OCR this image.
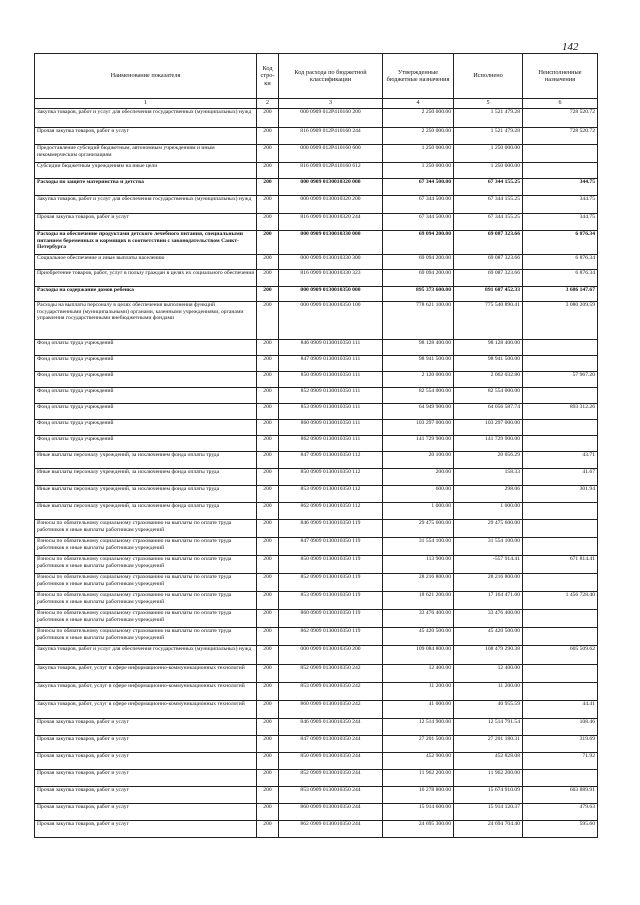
142
Наименование показателя	Код стро- ки	Код расхода по бюджетной классификации	Утвержденные бюджетные назначения	Исполнено	Неисполненные назначения
1	2	3	4	5	6
Закупка товаров, работ и услуг для обеспечения государственных (муниципальных) нужд	200	000 0909 012Р410160 200	2 250 000.00	1 521 479.28	728 520.72
Прочая закупка товаров, работ и услуг	200	816 0909 012Р410160 244	2 250 000.00	1 521 479.28	728 520.72
Предоставление субсидий бюджетным, автономным учреждениям и иным некоммерческим организациям	200	000 0909 012Р410160 600	1 250 000.00	1 250 000.00	
Субсидии бюджетным учреждениям на иные цели	200	816 0909 012Р410160 612	1 250 000.00	1 250 000.00	
Расходы по защите материнства и детства	200	000 0909 0130010320 000	67 344 500.00	67 344 155.25	344.75
Закупка товаров, работ и услуг для обеспечения государственных (муниципальных) нужд	200	000 0909 0130010320 200	67 344 500.00	67 344 155.25	344.75
Прочая закупка товаров, работ и услуг	200	816 0909 0130010320 244	67 344 500.00	67 344 155.25	344.75
Расходы на обеспечение продуктами детского лечебного питания, специальными питанием беременных и кормящих в соответствии с законодательством Санкт-Петербурга	200	000 0909 0130010330 000	69 094 200.00	69 087 323.66	6 876.34
Социальное обеспечение и иные выплаты населению	200	000 0909 0130010330 300	69 094 200.00	69 087 323.66	6 876.34
Приобретение товаров, работ, услуг в пользу граждан в целях их социального обеспечения	200	816 0909 0130010330 323	69 094 200.00	69 087 323.66	6 876.34
Расходы на содержание домов ребенка	200	000 0909 0130010350 000	895 373 600.00	891 687 452.33	3 686 147.67
Расходы на выплаты персоналу в целях обеспечения выполнения функций государственными (муниципальными) органами, казенными учреждениями, органами управления государственными внебюджетными фондами	200	000 0909 0130010350 100	778 621 100.00	775 540 890.41	3 080 209.59
Фонд оплаты труда учреждений	200	846 0909 0130010350 111	98 128 400.00	98 128 400.00	
Фонд оплаты труда учреждений	200	847 0909 0130010350 111	98 941 500.00	98 941 500.00	
Фонд оплаты труда учреждений	200	850 0909 0130010350 111	2 120 000.00	2 062 032.80	57 967.20
Фонд оплаты труда учреждений	200	852 0909 0130010350 111	82 554 000.00	82 554 000.00	
Фонд оплаты труда учреждений	200	853 0909 0130010350 111	64 949 900.00	64 056 587.74	893 312.26
Фонд оплаты труда учреждений	200	860 0909 0130010350 111	103 297 000.00	103 297 000.00	
Фонд оплаты труда учреждений	200	862 0909 0130010350 111	141 729 900.00	141 729 900.00	
Иные выплаты персоналу учреждений, за исключением фонда оплаты труда	200	847 0909 0130010350 112	20 100.00	20 056.29	43.71
Иные выплаты персоналу учреждений, за исключением фонда оплаты труда	200	850 0909 0130010350 112	200.00	158.33	41.67
Иные выплаты персоналу учреждений, за исключением фонда оплаты труда	200	853 0909 0130010350 112	600.00	298.06	301.94
Иные выплаты персоналу учреждений, за исключением фонда оплаты труда	200	862 0909 0130010350 112	1 000.00	1 000.00	
Взносы по обязательному социальному страхованию на выплаты по оплате труда работников и иные выплаты работникам учреждений	200	846 0909 0130010350 119	29 475 600.00	29 475 600.00	
Взносы по обязательному социальному страхованию на выплаты по оплате труда работников и иные выплаты работникам учреждений	200	847 0909 0130010350 119	31 554 100.00	31 554 100.00	
Взносы по обязательному социальному страхованию на выплаты по оплате труда работников и иные выплаты работникам учреждений	200	850 0909 0130010350 119	113 900.00	-557 914.41	671 814.41
Взносы по обязательному социальному страхованию на выплаты по оплате труда работников и иные выплаты работникам учреждений	200	852 0909 0130010350 119	28 216 800.00	28 216 800.00	
Взносы по обязательному социальному страхованию на выплаты по оплате труда работников и иные выплаты работникам учреждений	200	853 0909 0130010350 119	18 621 200.00	17 164 471.60	1 456 728.40
Взносы по обязательному социальному страхованию на выплаты по оплате труда работников и иные выплаты работникам учреждений	200	860 0909 0130010350 119	33 476 400.00	33 476 400.00	
Взносы по обязательному социальному страхованию на выплаты по оплате труда работников и иные выплаты работникам учреждений	200	862 0909 0130010350 119	45 420 500.00	45 420 500.00	
Закупка товаров, работ и услуг для обеспечения государственных (муниципальных) нужд	200	000 0909 0130010350 200	109 084 800.00	108 479 290.38	605 509.62
Закупка товаров, работ, услуг в сфере информационно-коммуникационных технологий	200	852 0909 0130010350 242	12 400.00	12 400.00	
Закупка товаров, работ, услуг в сфере информационно-коммуникационных технологий	200	853 0909 0130010350 242	11 200.00	11 200.00	
Закупка товаров, работ, услуг в сфере информационно-коммуникационных технологий	200	860 0909 0130010350 242	41 000.00	40 955.59	44.41
Прочая закупка товаров, работ и услуг	200	846 0909 0130010350 244	12 514 900.00	12 514 791.54	108.46
Прочая закупка товаров, работ и услуг	200	847 0909 0130010350 244	27 201 500.00	27 201 180.31	319.69
Прочая закупка товаров, работ и услуг	200	850 0909 0130010350 244	452 900.00	452 828.08	71.92
Прочая закупка товаров, работ и услуг	200	852 0909 0130010350 244	11 962 200.00	11 962 200.00	
Прочая закупка товаров, работ и услуг	200	853 0909 0130010350 244	16 278 800.00	15 674 910.09	603 889.91
Прочая закупка товаров, работ и услуг	200	860 0909 0130010350 244	15 914 600.00	15 914 120.37	479.63
Прочая закупка товаров, работ и услуг	200	862 0909 0130010350 244	24 695 300.00	24 694 704.40	595.60
